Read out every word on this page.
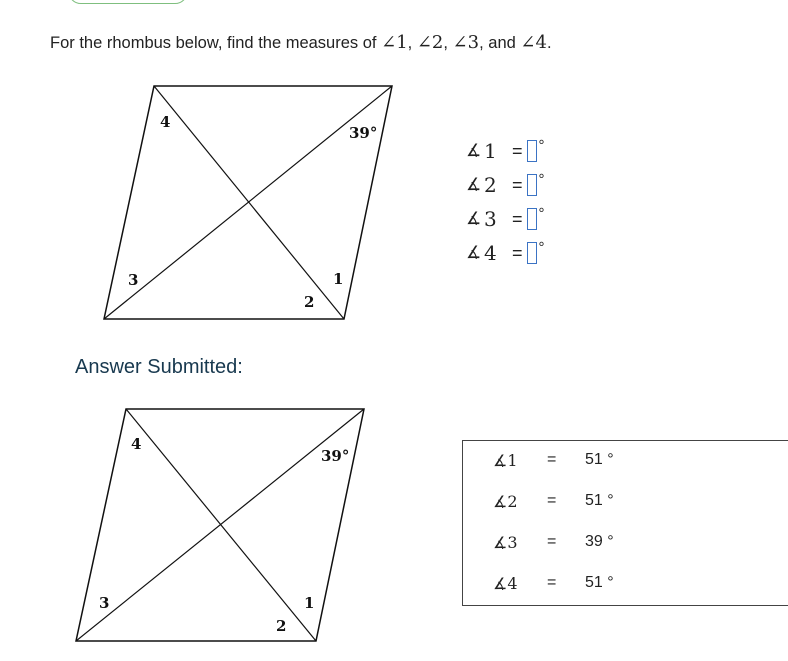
For the rhombus below, find the measures of ∠1, ∠2, ∠3, and ∠4.
4
39°
3	1
2
∡ 1 = °
∡ 2 = °
∡ 3 = °
∡ 4 = °
Answer Submitted:
4
39°
3	1
2
∡1	= 51 °
∡2	= 51 °
∡3	= 39 °
∡4	= 51 °
